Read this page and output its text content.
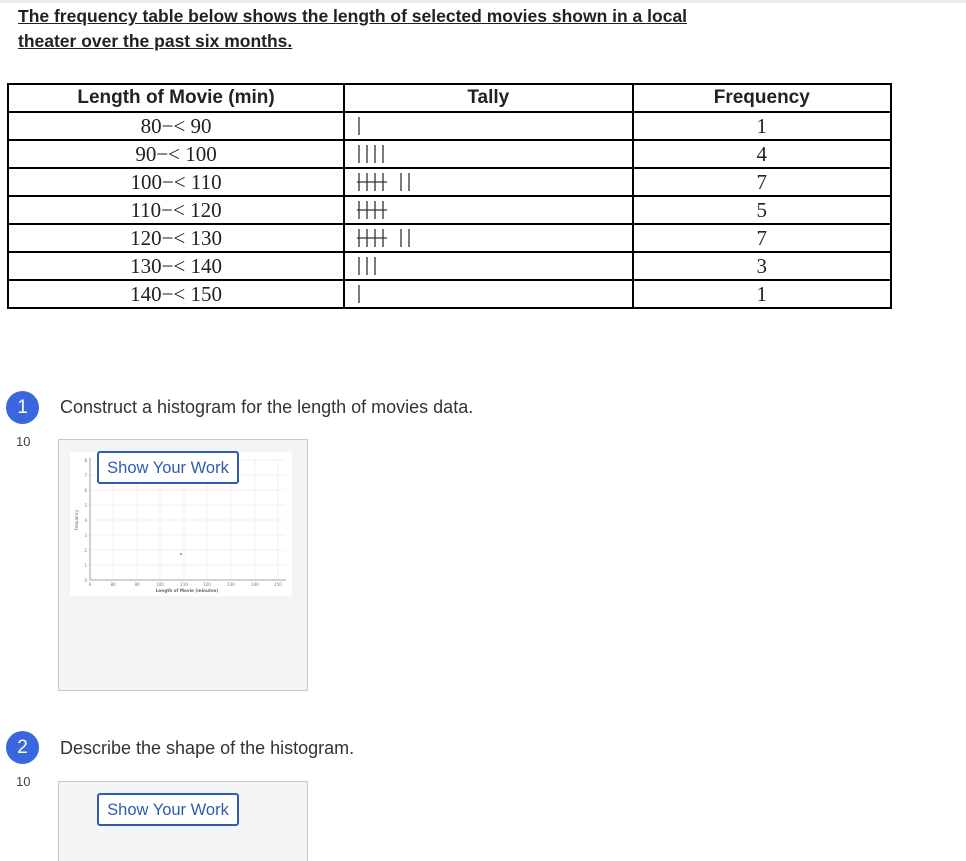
The frequency table below shows the length of selected movies shown in a local
theater over the past six months.
Length of Movie (min)	Tally	Frequency
80−< 90		1
90−< 100		4
100−< 110		7
110−< 120		5
120−< 130		7
130−< 140		3
140−< 150		1
1
10
Construct a histogram for the length of movies data.
0
1
2
3
4
5
6
7
8
0	80	90	100	110	120	130	140	150
Length of Movie (minutes)
Frequency
Show Your Work
2
10
Describe the shape of the histogram.
Show Your Work
